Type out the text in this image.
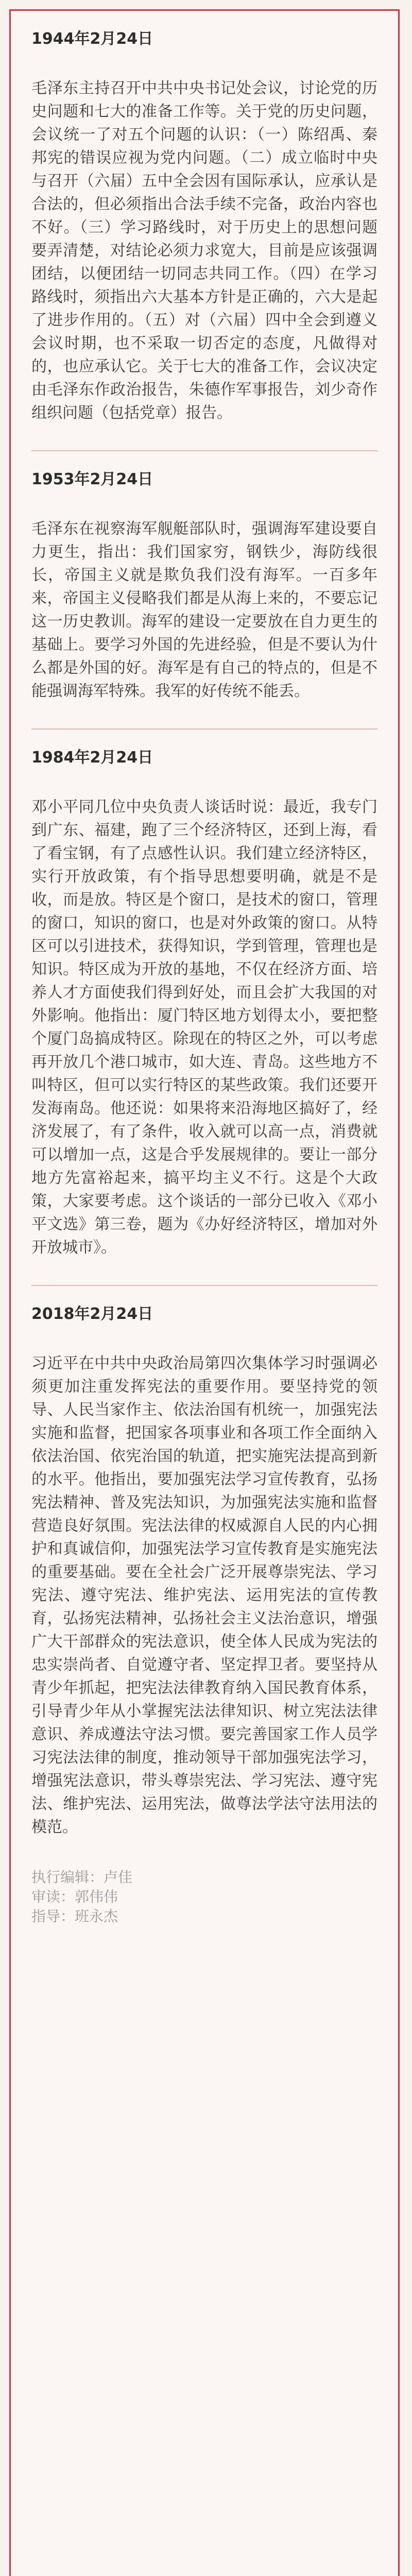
1944年2月24日

毛泽东主持召开中共中央书记处会议，讨论党的历史问题和七大的准备工作等。关于党的历史问题，会议统一了对五个问题的认识：（一）陈绍禹、秦邦宪的错误应视为党内问题。（二）成立临时中央与召开（六届）五中全会因有国际承认，应承认是合法的，但必须指出合法手续不完备，政治内容也不好。（三）学习路线时，对于历史上的思想问题要弄清楚，对结论必须力求宽大，目前是应该强调团结，以便团结一切同志共同工作。（四）在学习路线时，须指出六大基本方针是正确的，六大是起了进步作用的。（五）对（六届）四中全会到遵义会议时期，也不采取一切否定的态度，凡做得对的，也应承认它。关于七大的准备工作，会议决定由毛泽东作政治报告，朱德作军事报告，刘少奇作组织问题（包括党章）报告。

1953年2月24日

毛泽东在视察海军舰艇部队时，强调海军建设要自力更生，指出：我们国家穷，钢铁少，海防线很长，帝国主义就是欺负我们没有海军。一百多年来，帝国主义侵略我们都是从海上来的，不要忘记这一历史教训。海军的建设一定要放在自力更生的基础上。要学习外国的先进经验，但是不要认为什么都是外国的好。海军是有自己的特点的，但是不能强调海军特殊。我军的好传统不能丢。

1984年2月24日

邓小平同几位中央负责人谈话时说：最近，我专门到广东、福建，跑了三个经济特区，还到上海，看了看宝钢，有了点感性认识。我们建立经济特区，实行开放政策，有个指导思想要明确，就是不是收，而是放。特区是个窗口，是技术的窗口，管理的窗口，知识的窗口，也是对外政策的窗口。从特区可以引进技术，获得知识，学到管理，管理也是知识。特区成为开放的基地，不仅在经济方面、培养人才方面使我们得到好处，而且会扩大我国的对外影响。他指出：厦门特区地方划得太小，要把整个厦门岛搞成特区。除现在的特区之外，可以考虑再开放几个港口城市，如大连、青岛。这些地方不叫特区，但可以实行特区的某些政策。我们还要开发海南岛。他还说：如果将来沿海地区搞好了，经济发展了，有了条件，收入就可以高一点，消费就可以增加一点，这是合乎发展规律的。要让一部分地方先富裕起来，搞平均主义不行。这是个大政策，大家要考虑。这个谈话的一部分已收入《邓小平文选》第三卷，题为《办好经济特区，增加对外开放城市》。

2018年2月24日

习近平在中共中央政治局第四次集体学习时强调必须更加注重发挥宪法的重要作用。要坚持党的领导、人民当家作主、依法治国有机统一，加强宪法实施和监督，把国家各项事业和各项工作全面纳入依法治国、依宪治国的轨道，把实施宪法提高到新的水平。他指出，要加强宪法学习宣传教育，弘扬宪法精神、普及宪法知识，为加强宪法实施和监督营造良好氛围。宪法法律的权威源自人民的内心拥护和真诚信仰，加强宪法学习宣传教育是实施宪法的重要基础。要在全社会广泛开展尊崇宪法、学习宪法、遵守宪法、维护宪法、运用宪法的宣传教育，弘扬宪法精神，弘扬社会主义法治意识，增强广大干部群众的宪法意识，使全体人民成为宪法的忠实崇尚者、自觉遵守者、坚定捍卫者。要坚持从青少年抓起，把宪法法律教育纳入国民教育体系，引导青少年从小掌握宪法法律知识、树立宪法法律意识、养成遵法守法习惯。要完善国家工作人员学习宪法法律的制度，推动领导干部加强宪法学习，增强宪法意识，带头尊崇宪法、学习宪法、遵守宪法、维护宪法、运用宪法，做尊法学法守法用法的模范。

执行编辑：卢佳

审读：郭伟伟

指导：班永杰
